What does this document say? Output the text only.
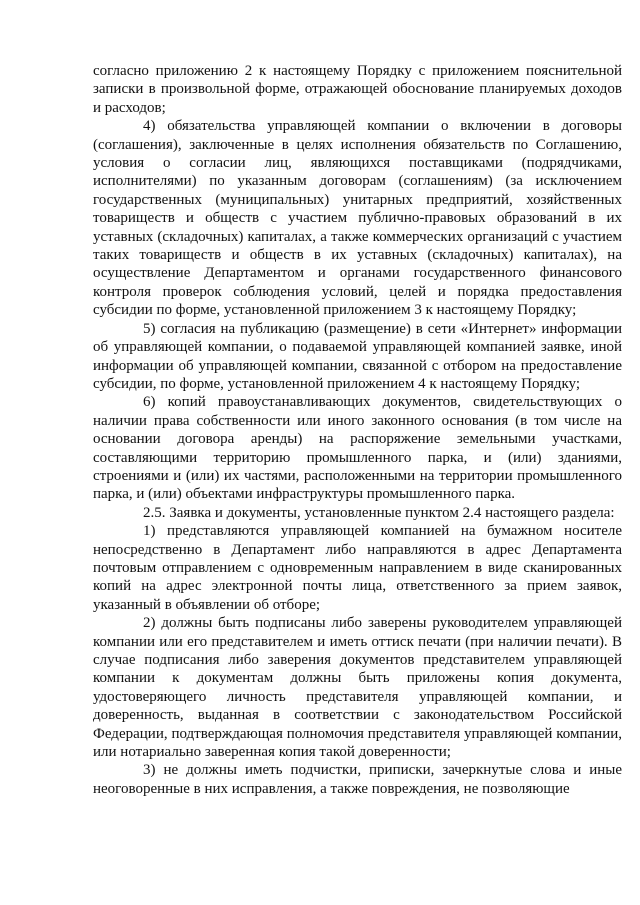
согласно приложению 2 к настоящему Порядку с приложением пояснительной записки в произвольной форме, отражающей обоснование планируемых доходов и расходов;

4) обязательства управляющей компании о включении в договоры (соглашения), заключенные в целях исполнения обязательств по Соглашению, условия о согласии лиц, являющихся поставщиками (подрядчиками, исполнителями) по указанным договорам (соглашениям) (за исключением государственных (муниципальных) унитарных предприятий, хозяйственных товариществ и обществ с участием публично-правовых образований в их уставных (складочных) капиталах, а также коммерческих организаций с участием таких товариществ и обществ в их уставных (складочных) капиталах), на осуществление Департаментом и органами государственного финансового контроля проверок соблюдения условий, целей и порядка предоставления субсидии по форме, установленной приложением 3 к настоящему Порядку;

5) согласия на публикацию (размещение) в сети «Интернет» информации об управляющей компании, о подаваемой управляющей компанией заявке, иной информации об управляющей компании, связанной с отбором на предоставление субсидии, по форме, установленной приложением 4 к настоящему Порядку;

6) копий правоустанавливающих документов, свидетельствующих о наличии права собственности или иного законного основания (в том числе на основании договора аренды) на распоряжение земельными участками, составляющими территорию промышленного парка, и (или) зданиями, строениями и (или) их частями, расположенными на территории промышленного парка, и (или) объектами инфраструктуры промышленного парка.

2.5. Заявка и документы, установленные пунктом 2.4 настоящего раздела:

1) представляются управляющей компанией на бумажном носителе непосредственно в Департамент либо направляются в адрес Департамента почтовым отправлением с одновременным направлением в виде сканированных копий на адрес электронной почты лица, ответственного за прием заявок, указанный в объявлении об отборе;

2) должны быть подписаны либо заверены руководителем управляющей компании или его представителем и иметь оттиск печати (при наличии печати). В случае подписания либо заверения документов представителем управляющей компании к документам должны быть приложены копия документа, удостоверяющего личность представителя управляющей компании, и доверенность, выданная в соответствии с законодательством Российской Федерации, подтверждающая полномочия представителя управляющей компании, или нотариально заверенная копия такой доверенности;

3) не должны иметь подчистки, приписки, зачеркнутые слова и иные неоговоренные в них исправления, а также повреждения, не позволяющие
